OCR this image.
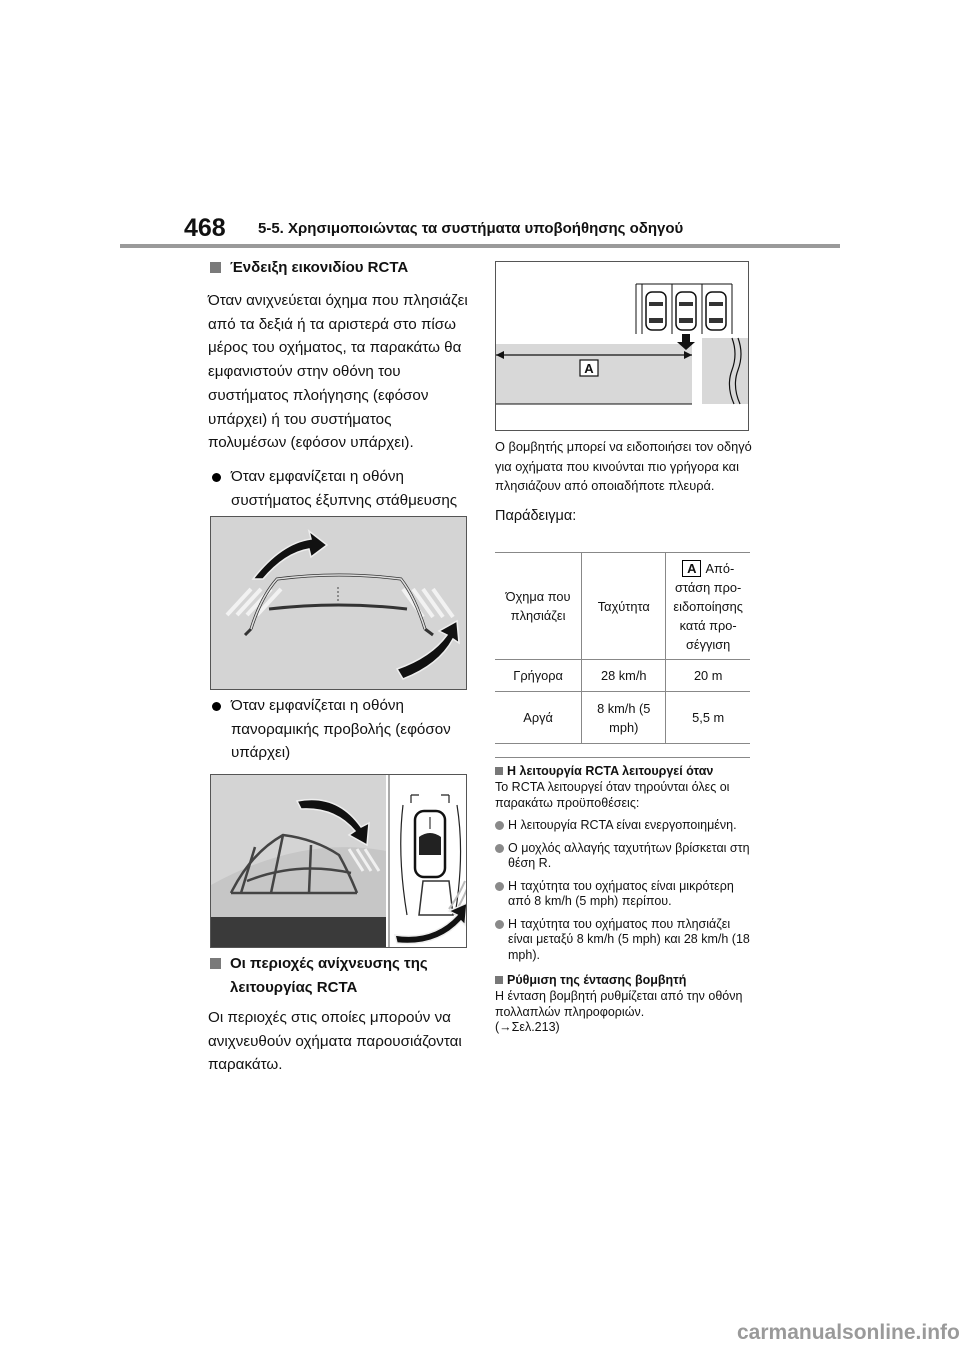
468 5-5. Χρησιμοποιώντας τα συστήματα υποβοήθησης οδηγού
Ένδειξη εικονιδίου RCTA

Όταν ανιχνεύεται όχημα που πλησιάζει από τα δεξιά ή τα αριστερά στο πίσω μέρος του οχήματος, τα παρακάτω θα εμφανιστούν στην οθόνη του συστήματος πλοήγησης (εφόσον υπάρχει) ή του συστήματος πολυμέσων (εφόσον υπάρχει).

Όταν εμφανίζεται η οθόνη συστήματος έξυπνης στάθμευσης
Όταν εμφανίζεται η οθόνη πανοραμικής προβολής (εφόσον υπάρχει)
Οι περιοχές ανίχνευσης της λειτουργίας RCTA

Οι περιοχές στις οποίες μπορούν να ανιχνευθούν οχήματα παρουσιάζονται παρακάτω.

A

Ο βομβητής μπορεί να ειδοποιήσει τον οδηγό για οχήματα που κινούνται πιο γρήγορα και πλησιάζουν από οποιαδήποτε πλευρά.

Παράδειγμα:

Όχημα που πλησιάζει	Ταχύτητα	A Από-στάση προ-ειδοποίησης κατά προ-σέγγιση
Γρήγορα	28 km/h	20 m
Αργά	8 km/h (5 mph)	5,5 m
Η λειτουργία RCTA λειτουργεί όταν

Το RCTA λειτουργεί όταν τηρούνται όλες οι παρακάτω προϋποθέσεις:

Η λειτουργία RCTA είναι ενεργοποιημένη.
Ο μοχλός αλλαγής ταχυτήτων βρίσκεται στη θέση R.
Η ταχύτητα του οχήματος είναι μικρότερη από 8 km/h (5 mph) περίπου.
Η ταχύτητα του οχήματος που πλησιάζει είναι μεταξύ 8 km/h (5 mph) και 28 km/h (18 mph).
Ρύθμιση της έντασης βομβητή

Η ένταση βομβητή ρυθμίζεται από την οθόνη πολλαπλών πληροφοριών.

(→Σελ.213)

carmanualsonline.info
